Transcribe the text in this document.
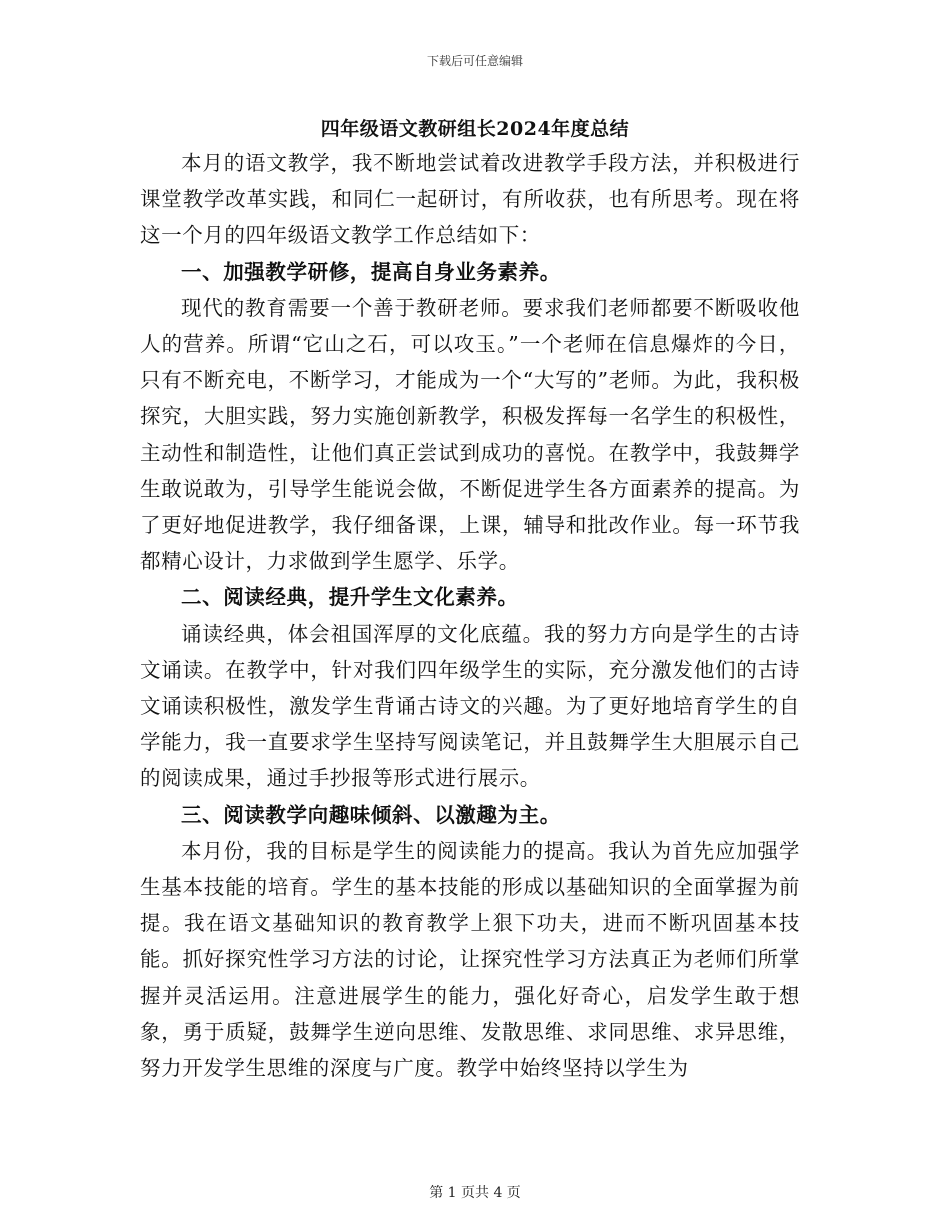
下载后可任意编辑
四年级语文教研组长2024年度总结

本月的语文教学，我不断地尝试着改进教学手段方法，并积极进行课堂教学改革实践，和同仁一起研讨，有所收获，也有所思考。现在将这一个月的四年级语文教学工作总结如下：

一、加强教学研修，提高自身业务素养。

现代的教育需要一个善于教研老师。要求我们老师都要不断吸收他人的营养。所谓“它山之石，可以攻玉。”一个老师在信息爆炸的今日，只有不断充电，不断学习，才能成为一个“大写的”老师。为此，我积极探究，大胆实践，努力实施创新教学，积极发挥每一名学生的积极性，主动性和制造性，让他们真正尝试到成功的喜悦。在教学中，我鼓舞学生敢说敢为，引导学生能说会做，不断促进学生各方面素养的提高。为了更好地促进教学，我仔细备课，上课，辅导和批改作业。每一环节我都精心设计，力求做到学生愿学、乐学。

二、阅读经典，提升学生文化素养。

诵读经典，体会祖国浑厚的文化底蕴。我的努力方向是学生的古诗文诵读。在教学中，针对我们四年级学生的实际，充分激发他们的古诗文诵读积极性，激发学生背诵古诗文的兴趣。为了更好地培育学生的自学能力，我一直要求学生坚持写阅读笔记，并且鼓舞学生大胆展示自己的阅读成果，通过手抄报等形式进行展示。

三、阅读教学向趣味倾斜、以激趣为主。

本月份，我的目标是学生的阅读能力的提高。我认为首先应加强学生基本技能的培育。学生的基本技能的形成以基础知识的全面掌握为前提。我在语文基础知识的教育教学上狠下功夫，进而不断巩固基本技能。抓好探究性学习方法的讨论，让探究性学习方法真正为老师们所掌握并灵活运用。注意进展学生的能力，强化好奇心，启发学生敢于想象，勇于质疑，鼓舞学生逆向思维、发散思维、求同思维、求异思维，努力开发学生思维的深度与广度。教学中始终坚持以学生为

第 1 页共 4 页
